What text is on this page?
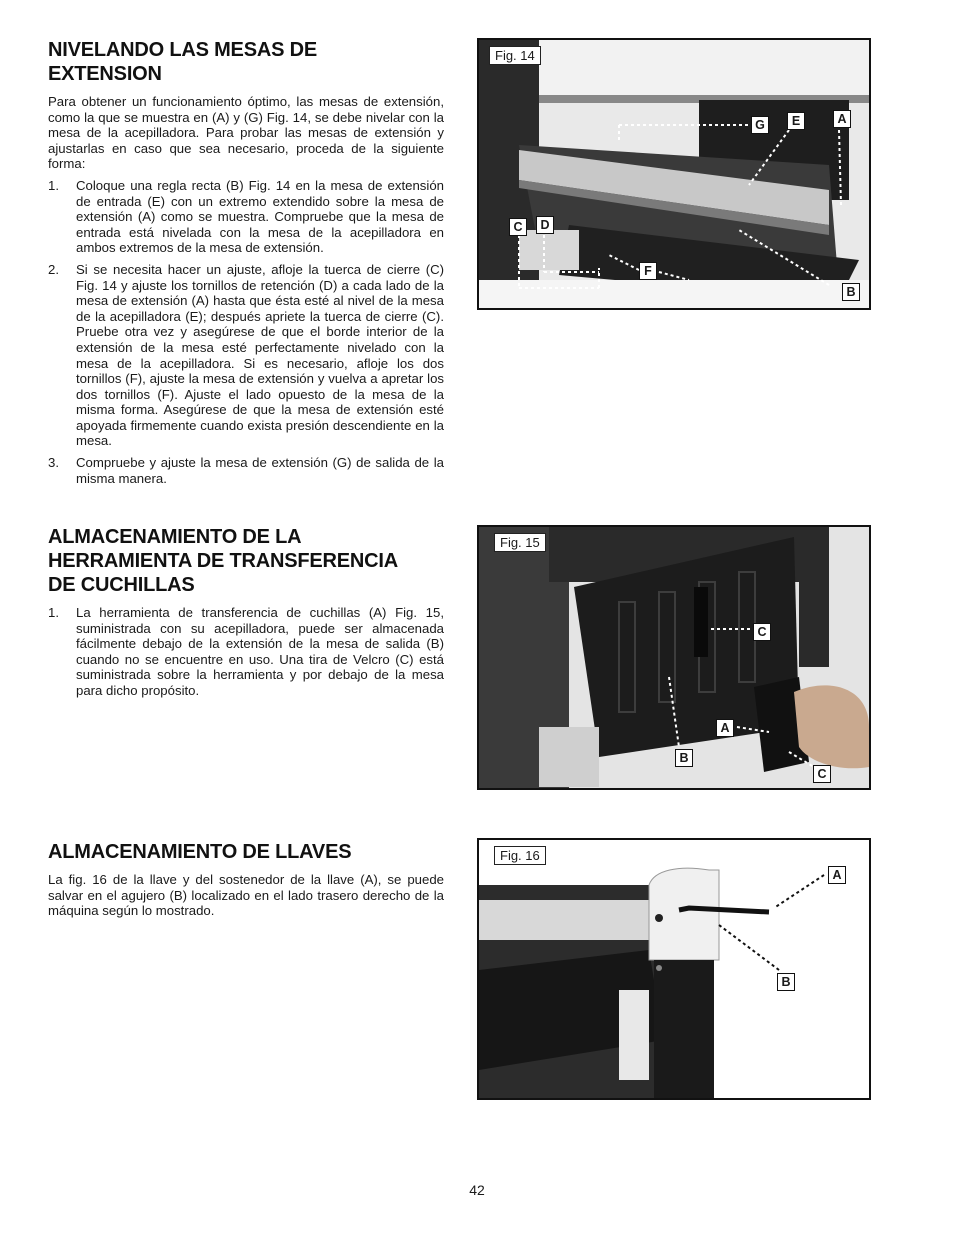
NIVELANDO LAS MESAS DE
EXTENSION

Para obtener un funcionamiento óptimo, las mesas de extensión, como la que se muestra en (A) y (G) Fig. 14, se debe nivelar con la mesa de la acepilladora. Para probar las mesas de extensión y ajustarlas en caso que sea necesario, proceda de la siguiente forma:

1. Coloque una regla recta (B) Fig. 14 en la mesa de extensión de entrada (E) con un extremo extendido sobre la mesa de extensión (A) como se muestra. Compruebe que la mesa de entrada está nivelada con la mesa de la acepilladora en ambos extremos de la mesa de extensión.
2. Si se necesita hacer un ajuste, afloje la tuerca de cierre (C) Fig. 14 y ajuste los tornillos de retención (D) a cada lado de la mesa de extensión (A) hasta que ésta esté al nivel de la mesa de la acepilladora (E); después apriete la tuerca de cierre (C). Pruebe otra vez y asegúrese de que el borde interior de la extensión de la mesa esté perfectamente nivelado con la mesa de la acepilladora. Si es necesario, afloje los dos tornillos (F), ajuste la mesa de extensión y vuelva a apretar los dos tornillos (F). Ajuste el lado opuesto de la mesa de la misma forma. Asegúrese de que la mesa de extensión esté apoyada firmemente cuando exista presión descendiente en la mesa.
3. Compruebe y ajuste la mesa de extensión (G) de salida de la misma manera.
ALMACENAMIENTO DE LA
HERRAMIENTA DE TRANSFERENCIA
DE CUCHILLAS
1. La herramienta de transferencia de cuchillas (A) Fig. 15, suministrada con su acepilladora, puede ser almacenada fácilmente debajo de la extensión de la mesa de salida (B) cuando no se encuentre en uso. Una tira de Velcro (C) está suministrada sobre la herramienta y por debajo de la mesa para dicho propósito.
ALMACENAMIENTO DE LLAVES

La fig. 16 de la llave y del sostenedor de la llave (A), se puede salvar en el agujero (B) localizado en el lado trasero derecho de la máquina según lo mostrado.

Fig. 14
G	E	A
C	D
F
B
Fig. 15
C
A
B
C
Fig. 16
A
B
42
